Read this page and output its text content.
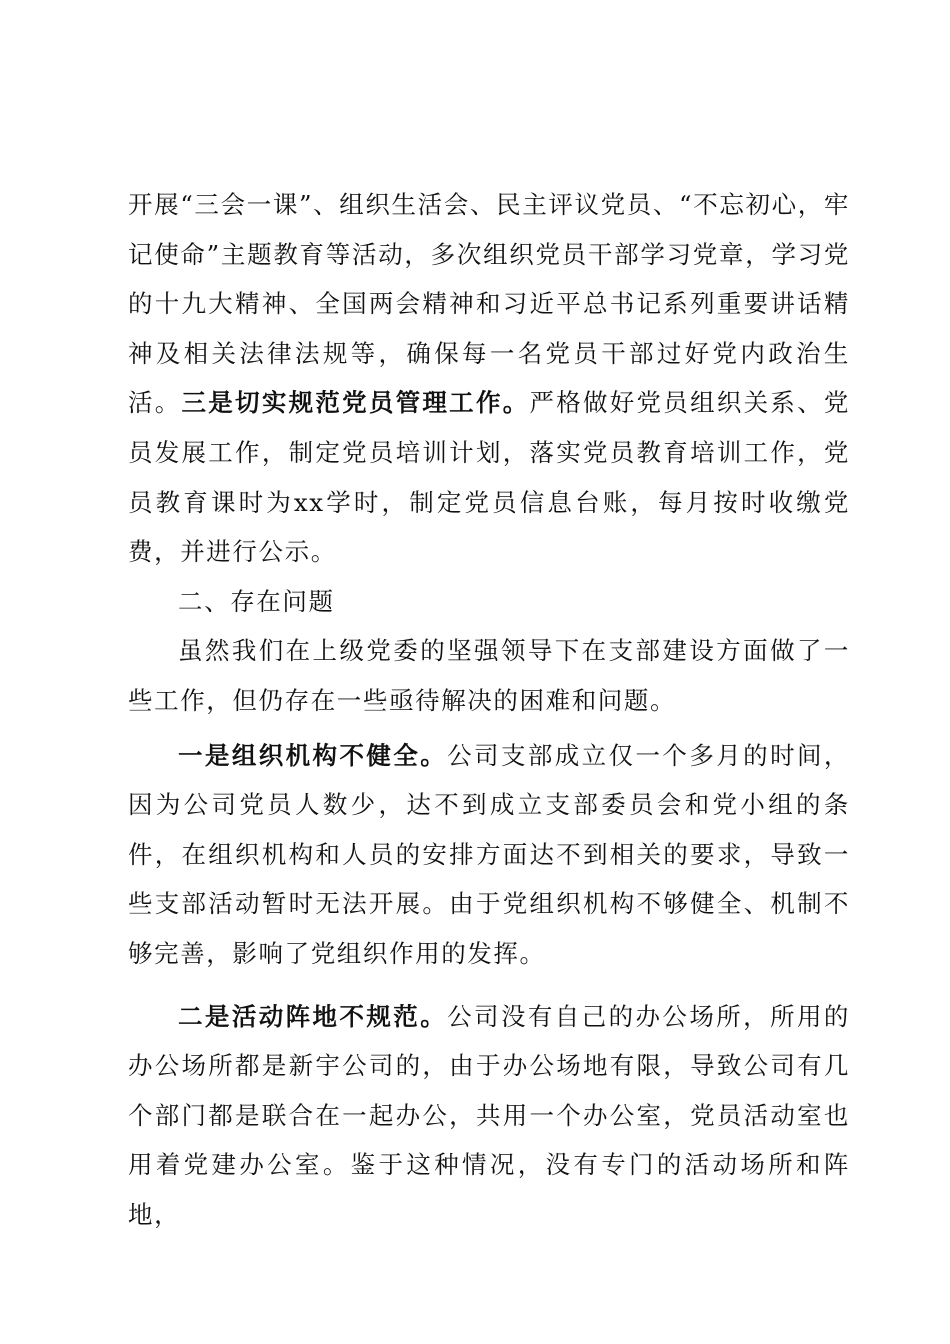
开展“三会一课”、组织生活会、民主评议党员、“不忘初心，牢记使命”主题教育等活动，多次组织党员干部学习党章，学习党的十九大精神、全国两会精神和习近平总书记系列重要讲话精神及相关法律法规等，确保每一名党员干部过好党内政治生活。三是切实规范党员管理工作。严格做好党员组织关系、党员发展工作，制定党员培训计划，落实党员教育培训工作，党员教育课时为xx学时，制定党员信息台账，每月按时收缴党费，并进行公示。

二、存在问题

虽然我们在上级党委的坚强领导下在支部建设方面做了一些工作，但仍存在一些亟待解决的困难和问题。

一是组织机构不健全。公司支部成立仅一个多月的时间，因为公司党员人数少，达不到成立支部委员会和党小组的条件，在组织机构和人员的安排方面达不到相关的要求，导致一些支部活动暂时无法开展。由于党组织机构不够健全、机制不够完善，影响了党组织作用的发挥。

二是活动阵地不规范。公司没有自己的办公场所，所用的办公场所都是新宇公司的，由于办公场地有限，导致公司有几个部门都是联合在一起办公，共用一个办公室，党员活动室也用着党建办公室。鉴于这种情况，没有专门的活动场所和阵地，
